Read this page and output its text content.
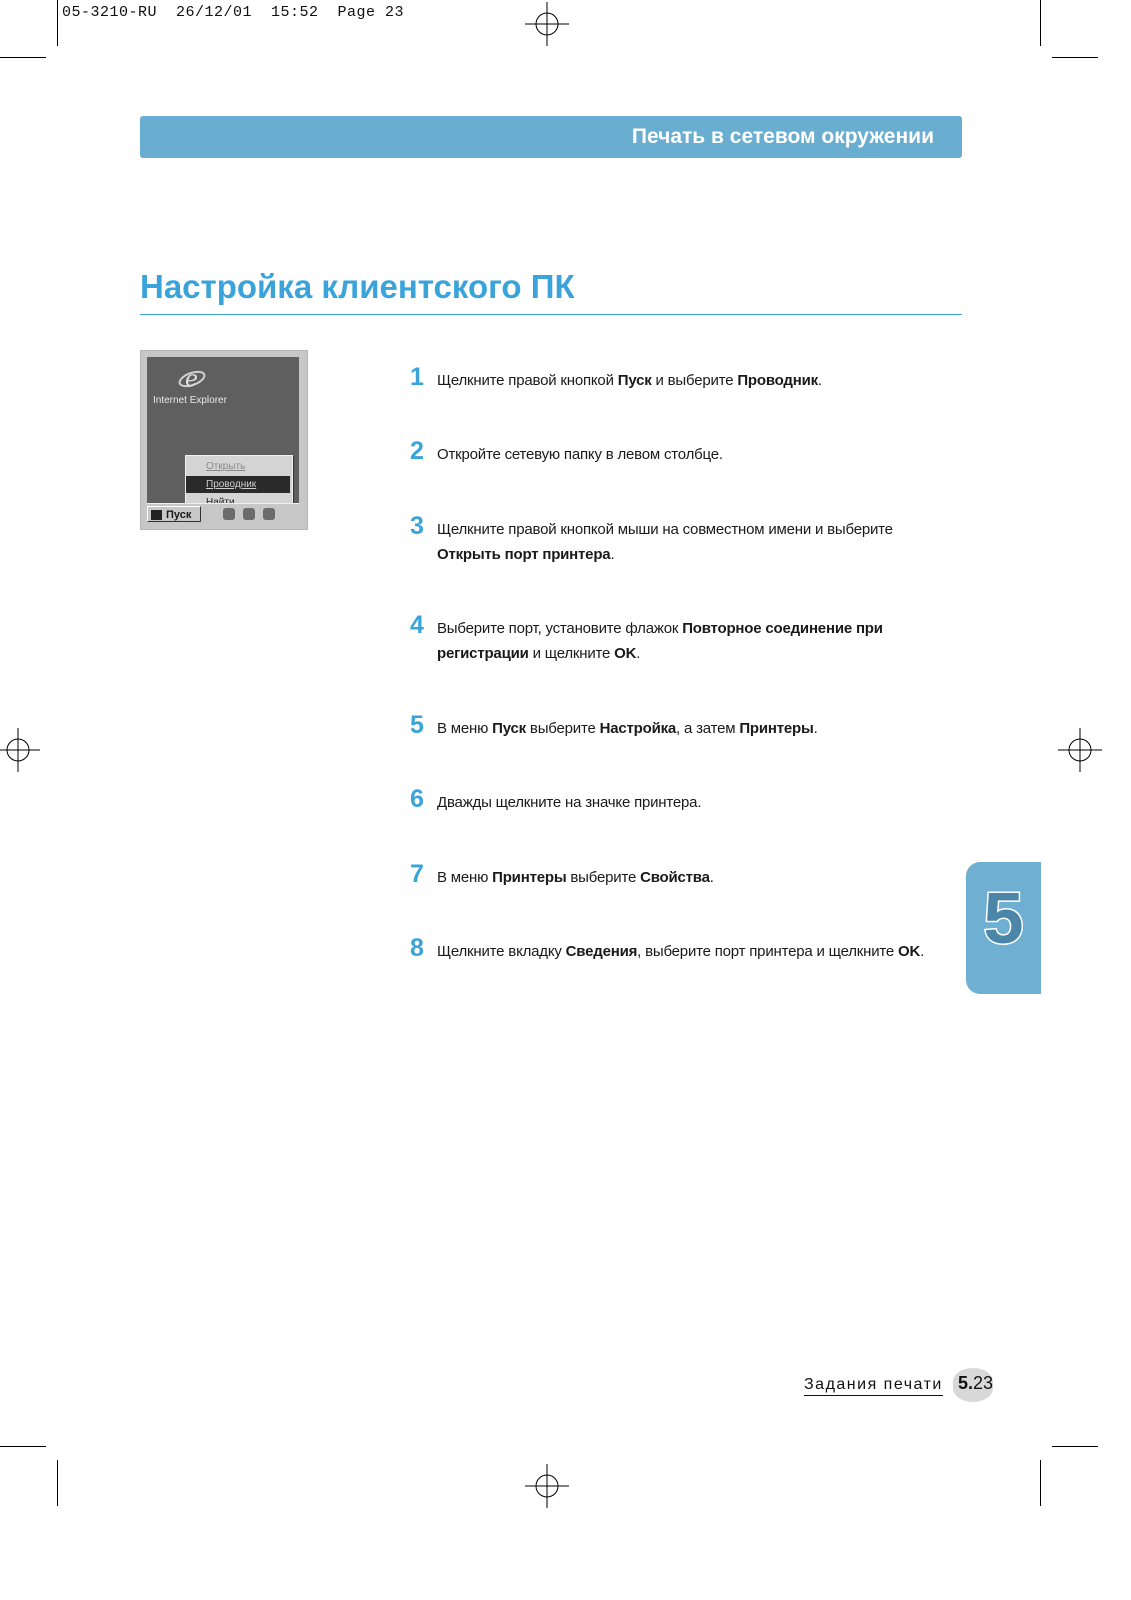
05-3210-RU  26/12/01  15:52  Page 23
Печать в сетевом окружении
Настройка клиентского ПК
e
Internet Explorer
Открыть
Проводник
Пуск
1 Щелкните правой кнопкой Пуск и выберите Проводник.
2 Откройте сетевую папку в левом столбце.
3 Щелкните правой кнопкой мыши на совместном имени и выберите
Открыть порт принтера.
4 Выберите порт, установите флажок Повторное соединение при регистрации и щелкните OK.
5 В меню Пуск выберите Настройка, а затем Принтеры.
6 Дважды щелкните на значке принтера.
7 В меню Принтеры выберите Свойства.
8 Щелкните вкладку Сведения, выберите порт принтера и щелкните OK. 5
Задания печати 5.23
